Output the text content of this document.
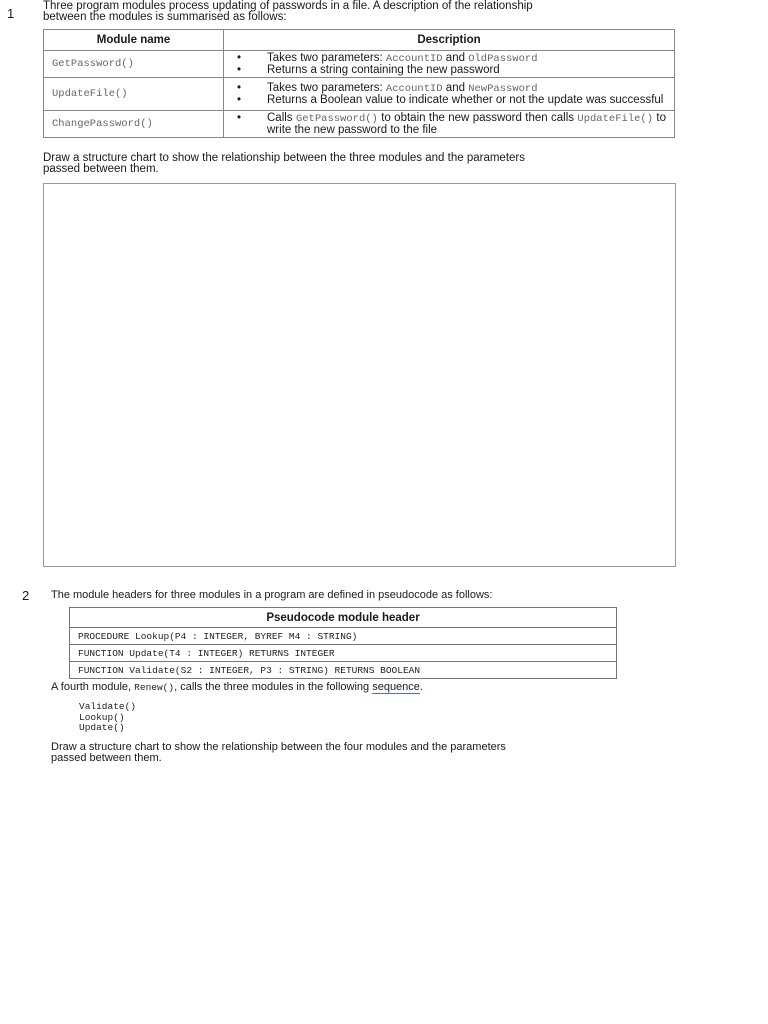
1	Three program modules process updating of passwords in a file. A description of the relationship
between the modules is summarised as follows:
Module name	Description
GetPassword()	• Takes two parameters: AccountID and OldPassword
• Returns a string containing the new password

UpdateFile()	• Takes two parameters: AccountID and NewPassword
• Returns a Boolean value to indicate whether or not the update was successful

ChangePassword()	• Calls GetPassword() to obtain the new password then calls UpdateFile() to write the new password to the file
Draw a structure chart to show the relationship between the three modules and the parameters
passed between them.
2 The module headers for three modules in a program are defined in pseudocode as follows:
Pseudocode module header
PROCEDURE Lookup(P4 : INTEGER, BYREF M4 : STRING)
FUNCTION Update(T4 : INTEGER) RETURNS INTEGER
FUNCTION Validate(S2 : INTEGER, P3 : STRING) RETURNS BOOLEAN
A fourth module, Renew(), calls the three modules in the following sequence.
Validate()
Lookup()
Update()
Draw a structure chart to show the relationship between the four modules and the parameters
passed between them.
